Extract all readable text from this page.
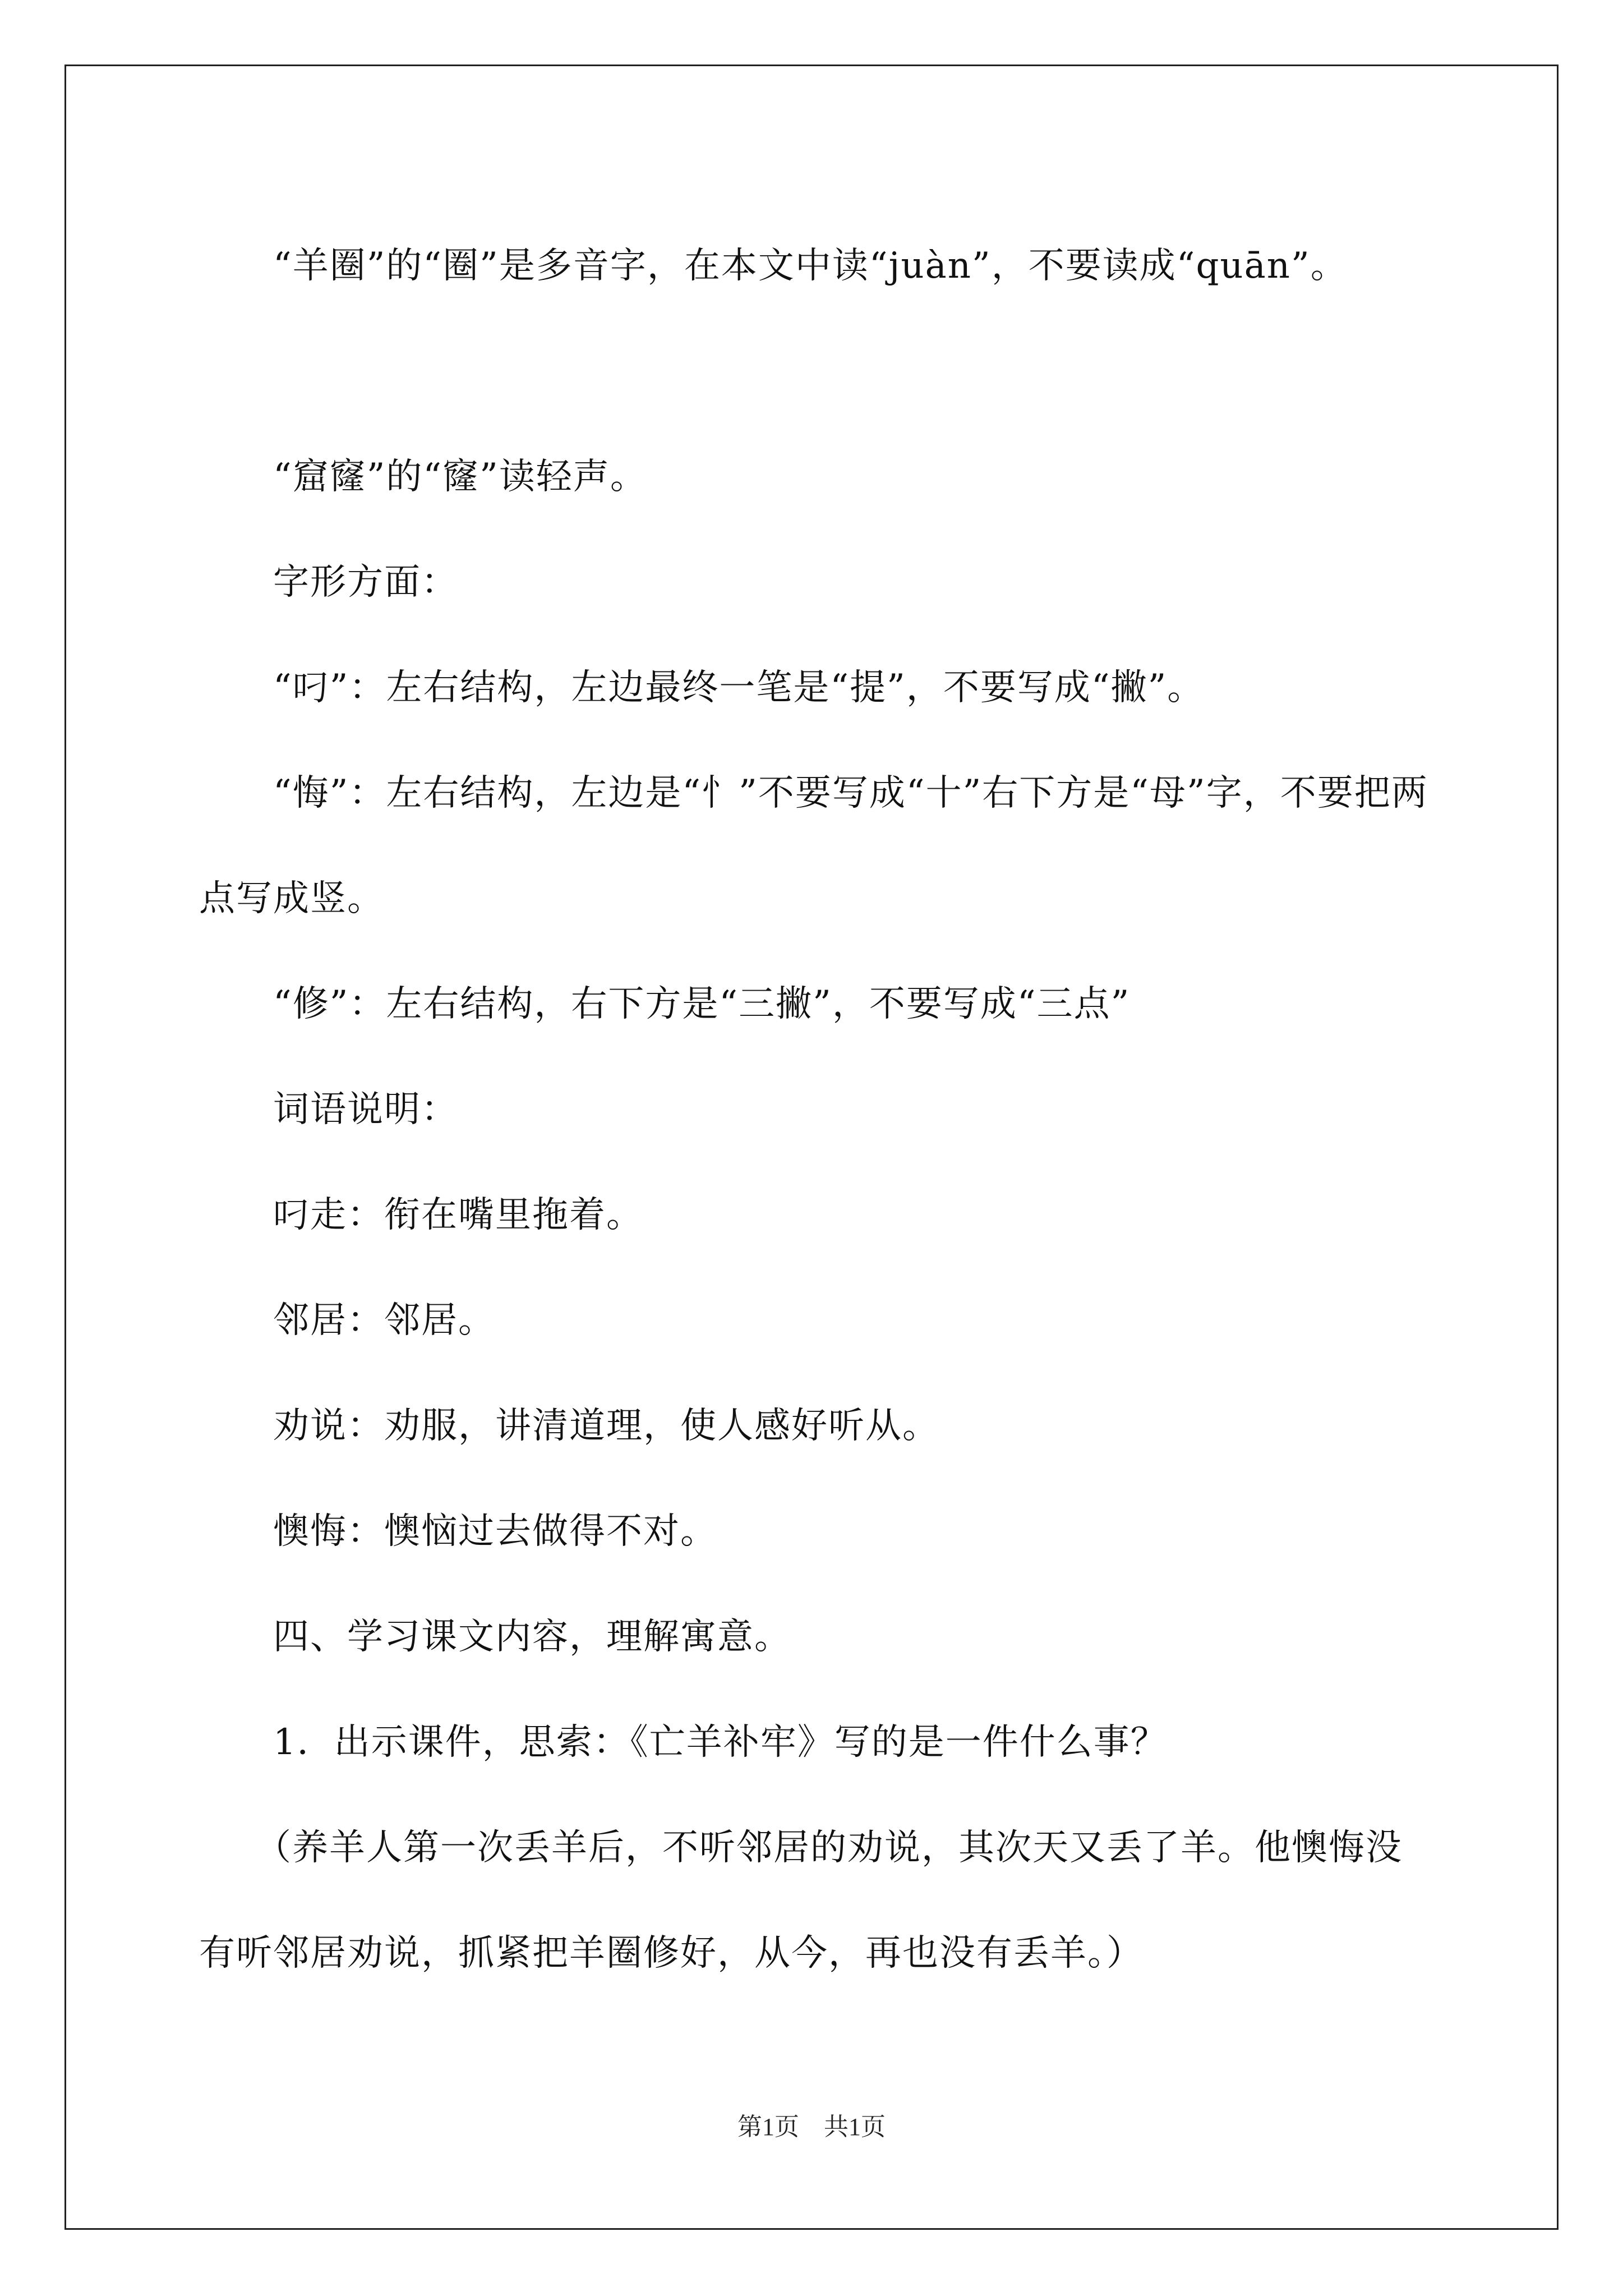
　　“羊圈”的“圈”是多音字，在本文中读“juàn”，不要读成“quān”。
　　“窟窿”的“窿”读轻声。
　　字形方面：
　　“叼”：左右结构，左边最终一笔是“提”，不要写成“撇”。
　　“悔”：左右结构，左边是“忄”不要写成“十”右下方是“母”字，不要把两点写成竖。
　　“修”：左右结构，右下方是“三撇”，不要写成“三点”
　　词语说明：
　　叼走：衔在嘴里拖着。
　　邻居：邻居。
　　劝说：劝服，讲清道理，使人感好听从。
　　懊悔：懊恼过去做得不对。
　　四、学习课文内容，理解寓意。
　　1．出示课件，思索：《亡羊补牢》写的是一件什么事？
　　（养羊人第一次丢羊后，不听邻居的劝说，其次天又丢了羊。他懊悔没有听邻居劝说，抓紧把羊圈修好，从今，再也没有丢羊。）
第1页　共1页
